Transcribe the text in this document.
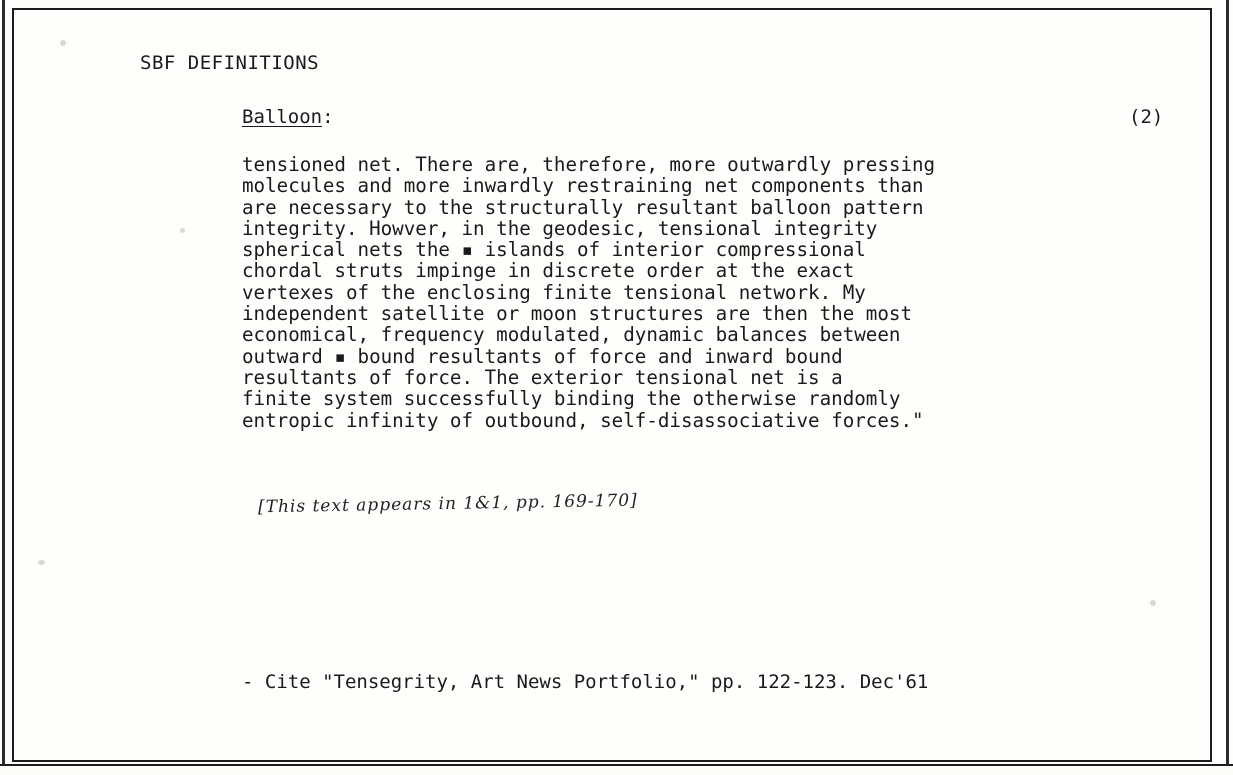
SBF DEFINITIONS
Balloon:	(2)
tensioned net. There are, therefore, more outwardly pressing
molecules and more inwardly restraining net components than
are necessary to the structurally resultant balloon pattern
integrity. Howver, in the geodesic, tensional integrity
spherical nets the ▪ islands of interior compressional
chordal struts impinge in discrete order at the exact
vertexes of the enclosing finite tensional network. My
independent satellite or moon structures are then the most
economical, frequency modulated, dynamic balances between
outward ▪ bound resultants of force and inward bound
resultants of force. The exterior tensional net is a
finite system successfully binding the otherwise randomly
entropic infinity of outbound, self-disassociative forces."
[This text appears in 1&1, pp. 169-170]
- Cite "Tensegrity, Art News Portfolio," pp. 122-123. Dec'61
